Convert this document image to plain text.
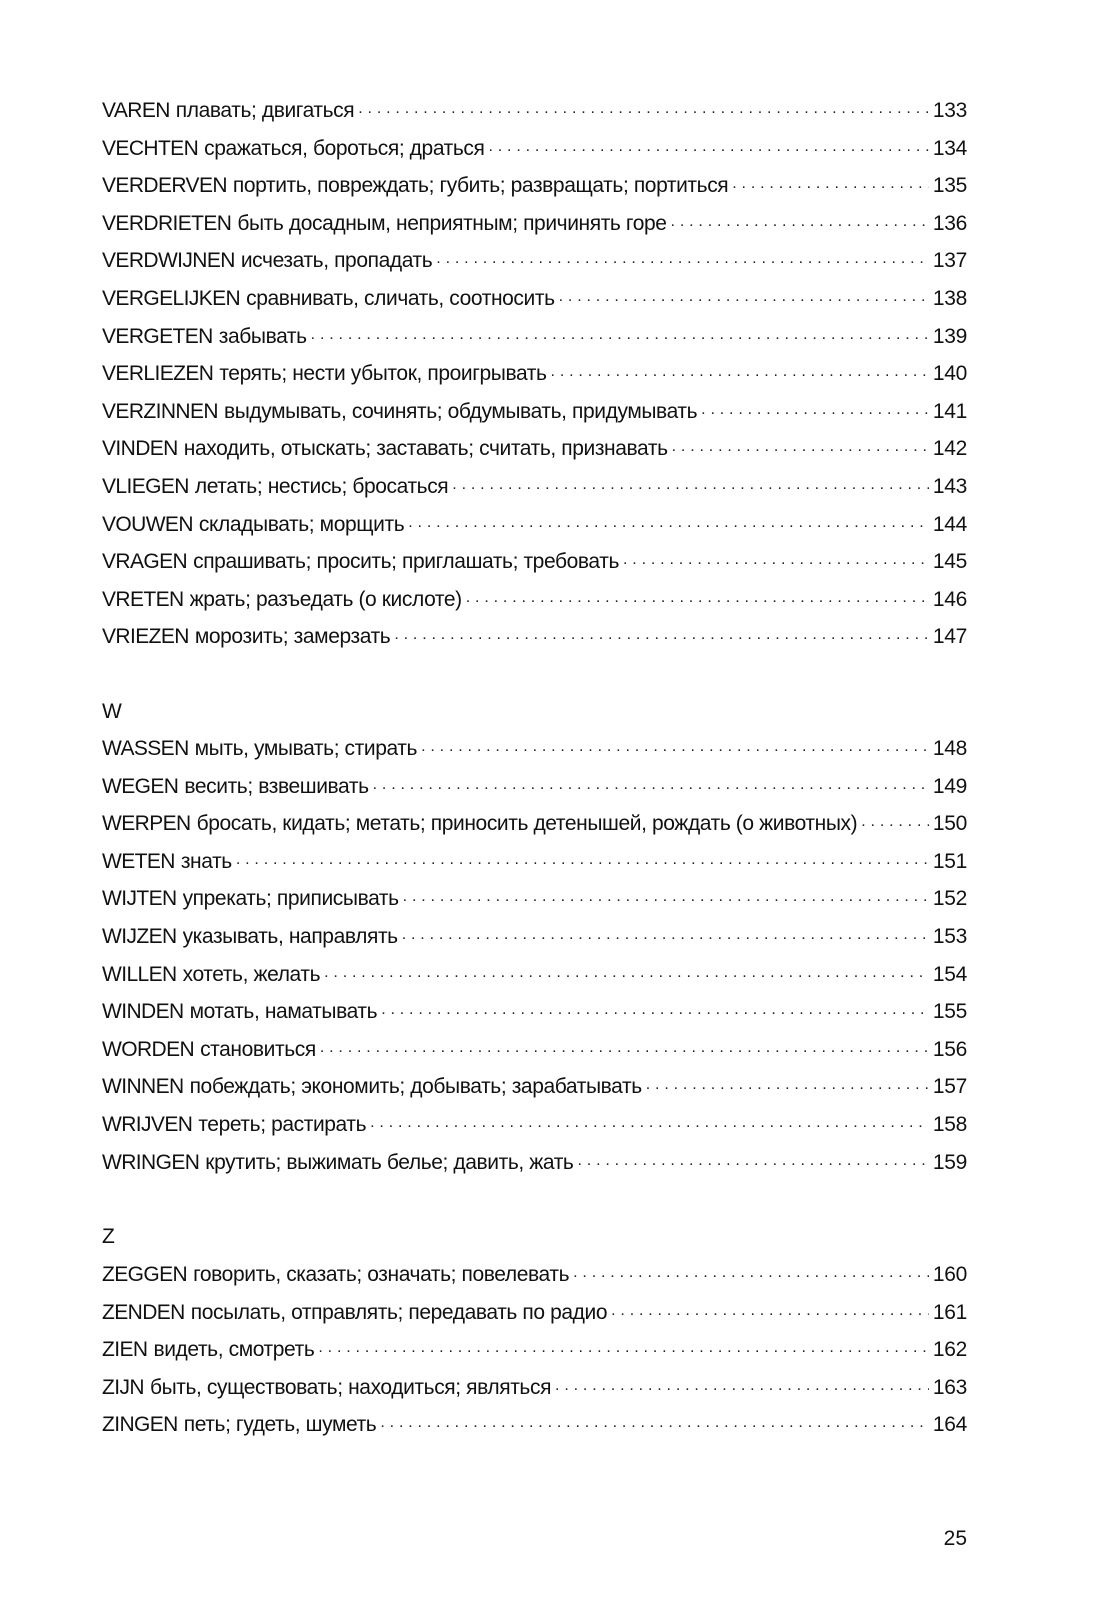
VAREN плавать; двигаться . . .	133
VECHTEN сражаться, бороться; драться . . .	134
VERDERVEN портить, повреждать; губить; развращать; портиться . . .	135
VERDRIETEN быть досадным, неприятным; причинять горе . . .	136
VERDWIJNEN исчезать, пропадать . . .	137
VERGELIJKEN сравнивать, сличать, соотносить . . .	138
VERGETEN забывать . . .	139
VERLIEZEN терять; нести убыток, проигрывать . . .	140
VERZINNEN выдумывать, сочинять; обдумывать, придумывать . . .	141
VINDEN находить, отыскать; заставать; считать, признавать . . .	142
VLIEGEN летать; нестись; бросаться . . .	143
VOUWEN складывать; морщить . . .	144
VRAGEN спрашивать; просить; приглашать; требовать . . .	145
VRETEN жрать; разъедать (о кислоте) . . .	146
VRIEZEN морозить; замерзать . . .	147
W
WASSEN мыть, умывать; стирать . . .	148
WEGEN весить; взвешивать . . .	149
WERPEN бросать, кидать; метать; приносить детенышей, рождать (о животных) . . .	150
WETEN знать . . .	151
WIJTEN упрекать; приписывать . . .	152
WIJZEN указывать, направлять . . .	153
WILLEN хотеть, желать . . .	154
WINDEN мотать, наматывать . . .	155
WORDEN становиться . . .	156
WINNEN побеждать; экономить; добывать; зарабатывать . . .	157
WRIJVEN тереть; растирать . . .	158
WRINGEN крутить; выжимать белье; давить, жать . . .	159
Z
ZEGGEN говорить, сказать; означать; повелевать . . .	160
ZENDEN посылать, отправлять; передавать по радио . . .	161
ZIEN видеть, смотреть . . .	162
ZIJN быть, существовать; находиться; являться . . .	163
ZINGEN петь; гудеть, шуметь . . .	164
25
